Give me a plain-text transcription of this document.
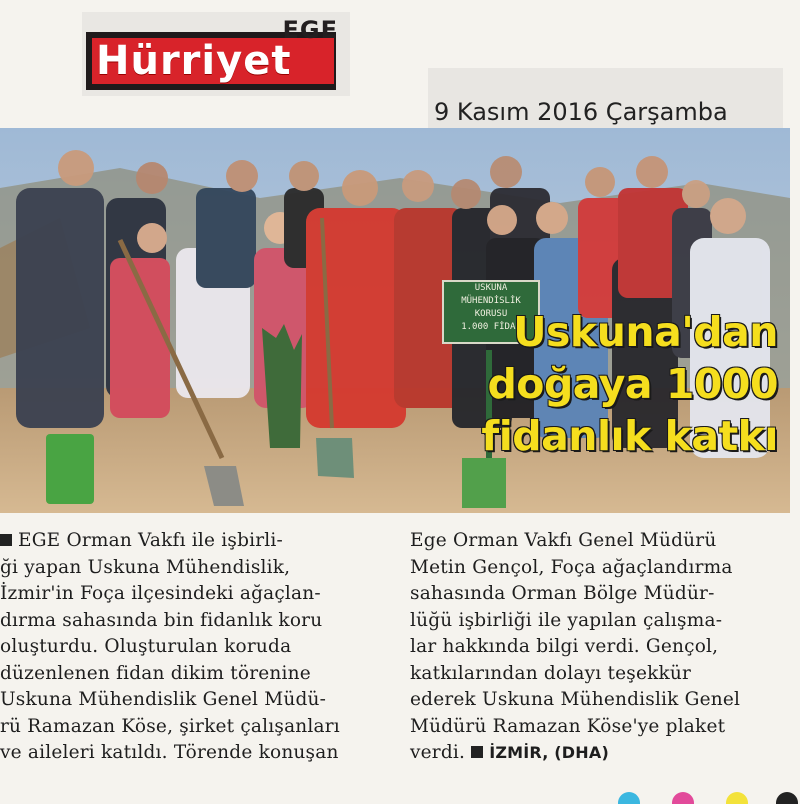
EGE
Hürriyet
9 Kasım 2016 Çarşamba
USKUNA
MÜHENDİSLİK
KORUSU
1.000 FİDAN
Uskuna'dan
doğaya 1000
fidanlık katkı

EGE Orman Vakfı ile işbirli-

ği yapan Uskuna Mühendislik,

İzmir'in Foça ilçesindeki ağaçlan-

dırma sahasında bin fidanlık koru

oluşturdu. Oluşturulan koruda

düzenlenen fidan dikim törenine

Uskuna Mühendislik Genel Müdü-

rü Ramazan Köse, şirket çalışanları

ve aileleri katıldı. Törende konuşan

Ege Orman Vakfı Genel Müdürü

Metin Gençol, Foça ağaçlandırma

sahasında Orman Bölge Müdür-

lüğü işbirliği ile yapılan çalışma-

lar hakkında bilgi verdi. Gençol,

katkılarından dolayı teşekkür

ederek Uskuna Mühendislik Genel

Müdürü Ramazan Köse'ye plaket

verdi. İZMİR, (DHA)
